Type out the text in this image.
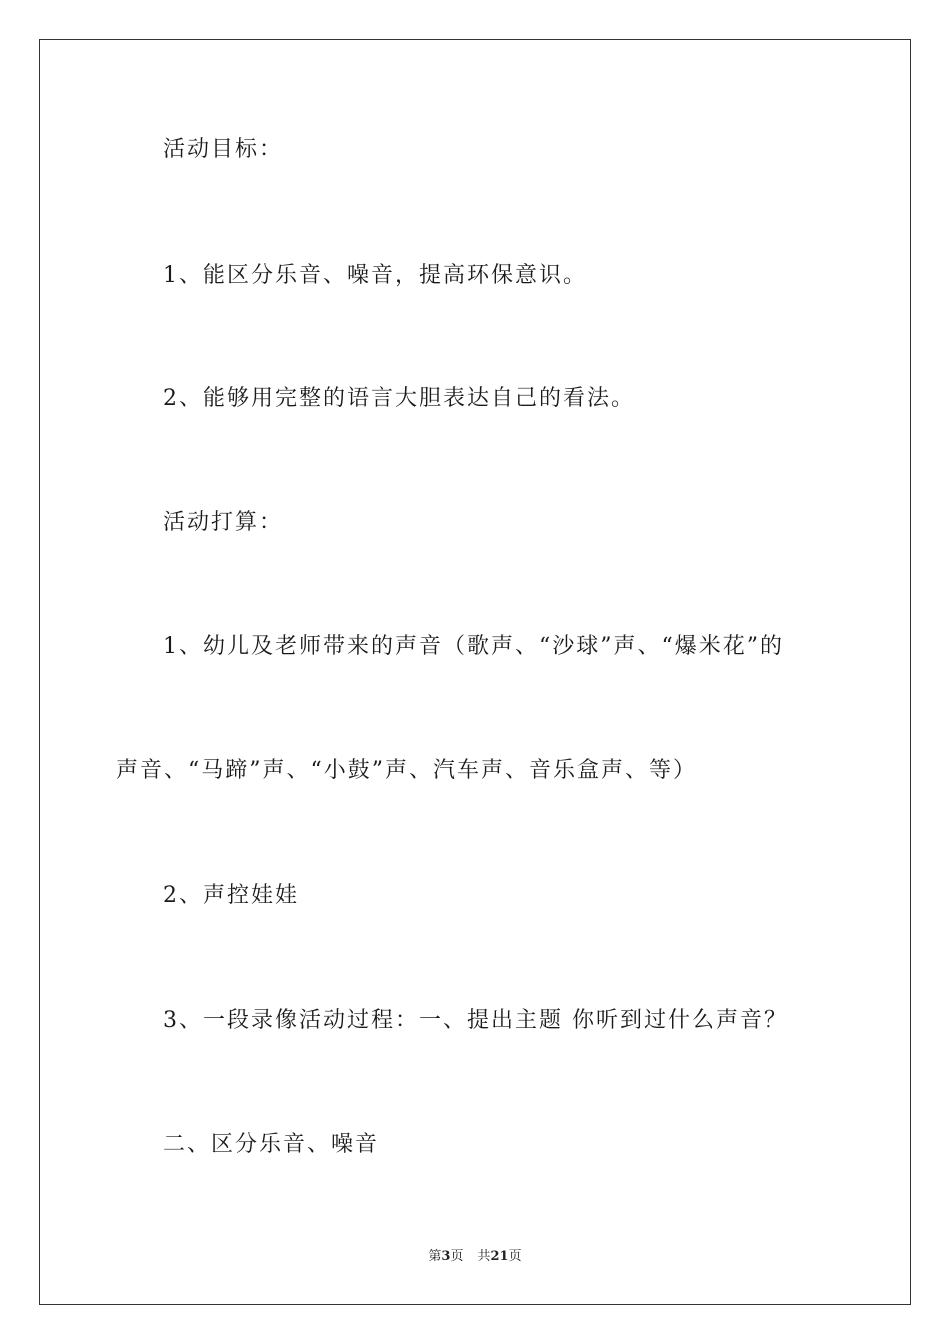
活动目标：
1、能区分乐音、噪音，提高环保意识。
2、能够用完整的语言大胆表达自己的看法。
活动打算：
1、幼儿及老师带来的声音（歌声、“沙球”声、“爆米花”的
声音、“马蹄”声、“小鼓”声、汽车声、音乐盒声、等）
2、声控娃娃
3、一段录像活动过程：一、提出主题 你听到过什么声音？
二、区分乐音、噪音
第3页 共21页
